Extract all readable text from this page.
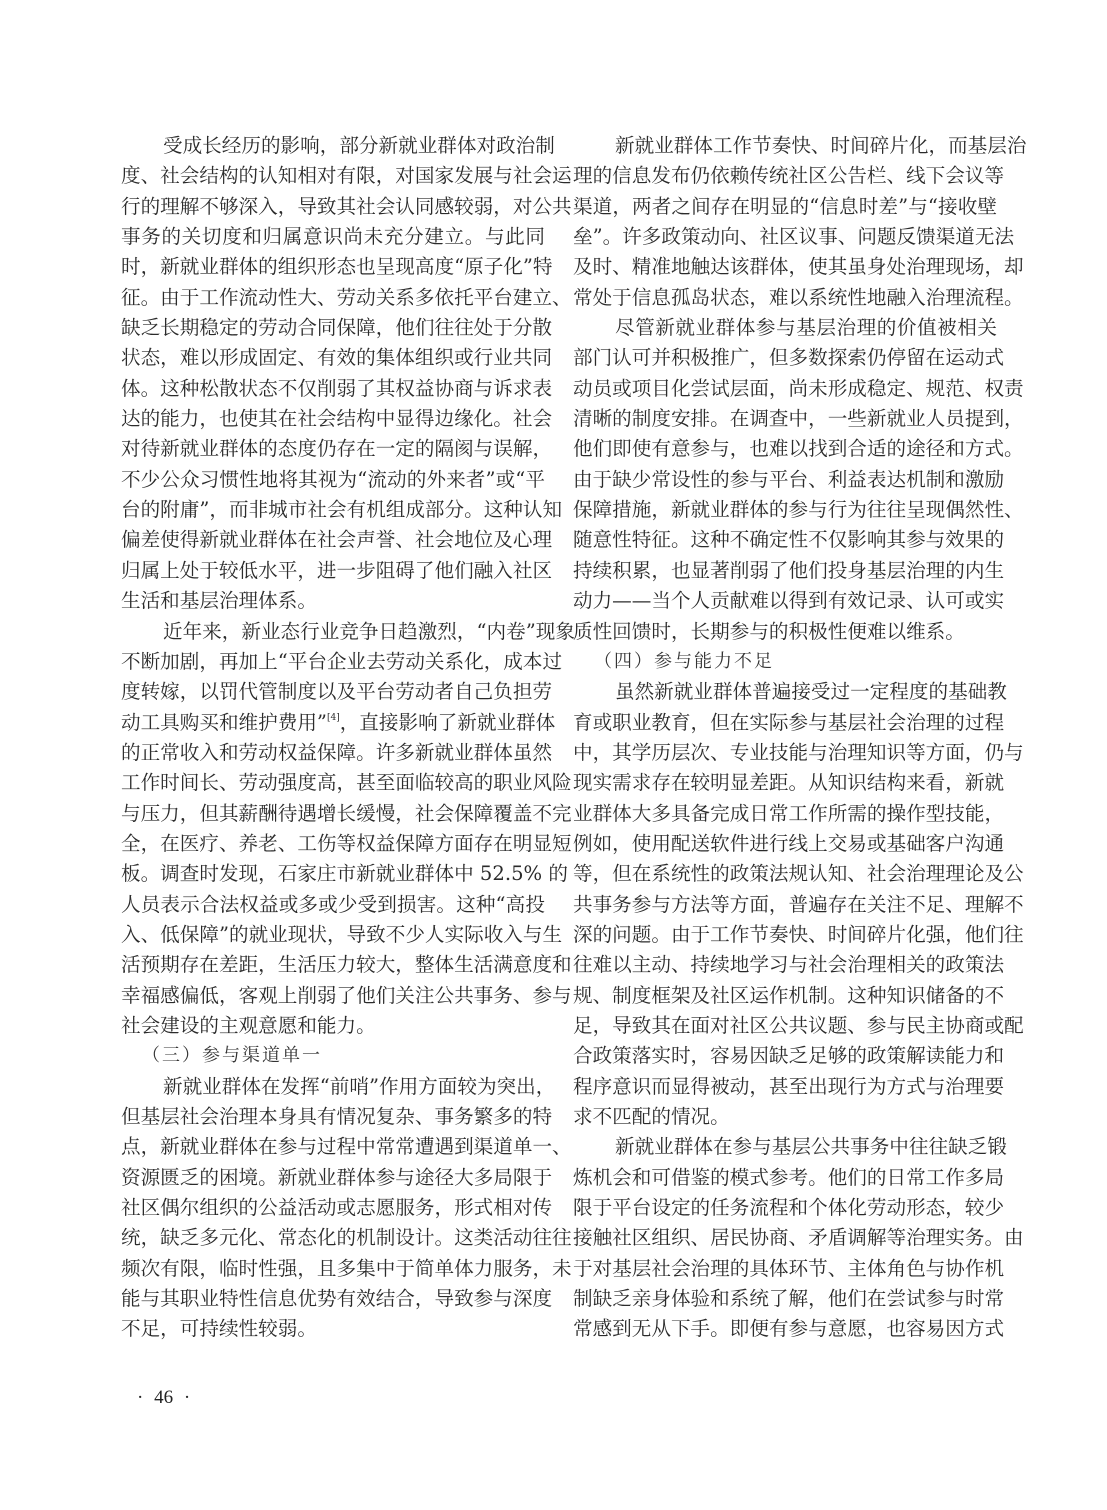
受成长经历的影响，部分新就业群体对政治制
度、社会结构的认知相对有限，对国家发展与社会运
行的理解不够深入，导致其社会认同感较弱，对公共
事务的关切度和归属意识尚未充分建立。与此同
时，新就业群体的组织形态也呈现高度“原子化”特
征。由于工作流动性大、劳动关系多依托平台建立、
缺乏长期稳定的劳动合同保障，他们往往处于分散
状态，难以形成固定、有效的集体组织或行业共同
体。这种松散状态不仅削弱了其权益协商与诉求表
达的能力，也使其在社会结构中显得边缘化。社会
对待新就业群体的态度仍存在一定的隔阂与误解，
不少公众习惯性地将其视为“流动的外来者”或“平
台的附庸”，而非城市社会有机组成部分。这种认知
偏差使得新就业群体在社会声誉、社会地位及心理
归属上处于较低水平，进一步阻碍了他们融入社区
生活和基层治理体系。
近年来，新业态行业竞争日趋激烈，“内卷”现象
不断加剧，再加上“平台企业去劳动关系化，成本过
度转嫁，以罚代管制度以及平台劳动者自己负担劳
动工具购买和维护费用”[4]，直接影响了新就业群体
的正常收入和劳动权益保障。许多新就业群体虽然
工作时间长、劳动强度高，甚至面临较高的职业风险
与压力，但其薪酬待遇增长缓慢，社会保障覆盖不完
全，在医疗、养老、工伤等权益保障方面存在明显短
板。调查时发现，石家庄市新就业群体中 52.5% 的
人员表示合法权益或多或少受到损害。这种“高投
入、低保障”的就业现状，导致不少人实际收入与生
活预期存在差距，生活压力较大，整体生活满意度和
幸福感偏低，客观上削弱了他们关注公共事务、参与
社会建设的主观意愿和能力。
（三）参与渠道单一
新就业群体在发挥“前哨”作用方面较为突出，
但基层社会治理本身具有情况复杂、事务繁多的特
点，新就业群体在参与过程中常常遭遇到渠道单一、
资源匮乏的困境。新就业群体参与途径大多局限于
社区偶尔组织的公益活动或志愿服务，形式相对传
统，缺乏多元化、常态化的机制设计。这类活动往往
频次有限，临时性强，且多集中于简单体力服务，未
能与其职业特性信息优势有效结合，导致参与深度
不足，可持续性较弱。
新就业群体工作节奏快、时间碎片化，而基层治
理的信息发布仍依赖传统社区公告栏、线下会议等
渠道，两者之间存在明显的“信息时差”与“接收壁
垒”。许多政策动向、社区议事、问题反馈渠道无法
及时、精准地触达该群体，使其虽身处治理现场，却
常处于信息孤岛状态，难以系统性地融入治理流程。
尽管新就业群体参与基层治理的价值被相关
部门认可并积极推广，但多数探索仍停留在运动式
动员或项目化尝试层面，尚未形成稳定、规范、权责
清晰的制度安排。在调查中，一些新就业人员提到，
他们即使有意参与，也难以找到合适的途径和方式。
由于缺少常设性的参与平台、利益表达机制和激励
保障措施，新就业群体的参与行为往往呈现偶然性、
随意性特征。这种不确定性不仅影响其参与效果的
持续积累，也显著削弱了他们投身基层治理的内生
动力——当个人贡献难以得到有效记录、认可或实
质性回馈时，长期参与的积极性便难以维系。
（四）参与能力不足
虽然新就业群体普遍接受过一定程度的基础教
育或职业教育，但在实际参与基层社会治理的过程
中，其学历层次、专业技能与治理知识等方面，仍与
现实需求存在较明显差距。从知识结构来看，新就
业群体大多具备完成日常工作所需的操作型技能，
例如，使用配送软件进行线上交易或基础客户沟通
等，但在系统性的政策法规认知、社会治理理论及公
共事务参与方法等方面，普遍存在关注不足、理解不
深的问题。由于工作节奏快、时间碎片化强，他们往
往难以主动、持续地学习与社会治理相关的政策法
规、制度框架及社区运作机制。这种知识储备的不
足，导致其在面对社区公共议题、参与民主协商或配
合政策落实时，容易因缺乏足够的政策解读能力和
程序意识而显得被动，甚至出现行为方式与治理要
求不匹配的情况。
新就业群体在参与基层公共事务中往往缺乏锻
炼机会和可借鉴的模式参考。他们的日常工作多局
限于平台设定的任务流程和个体化劳动形态，较少
接触社区组织、居民协商、矛盾调解等治理实务。由
于对基层社会治理的具体环节、主体角色与协作机
制缺乏亲身体验和系统了解，他们在尝试参与时常
常感到无从下手。即便有参与意愿，也容易因方式
· 46 ·
